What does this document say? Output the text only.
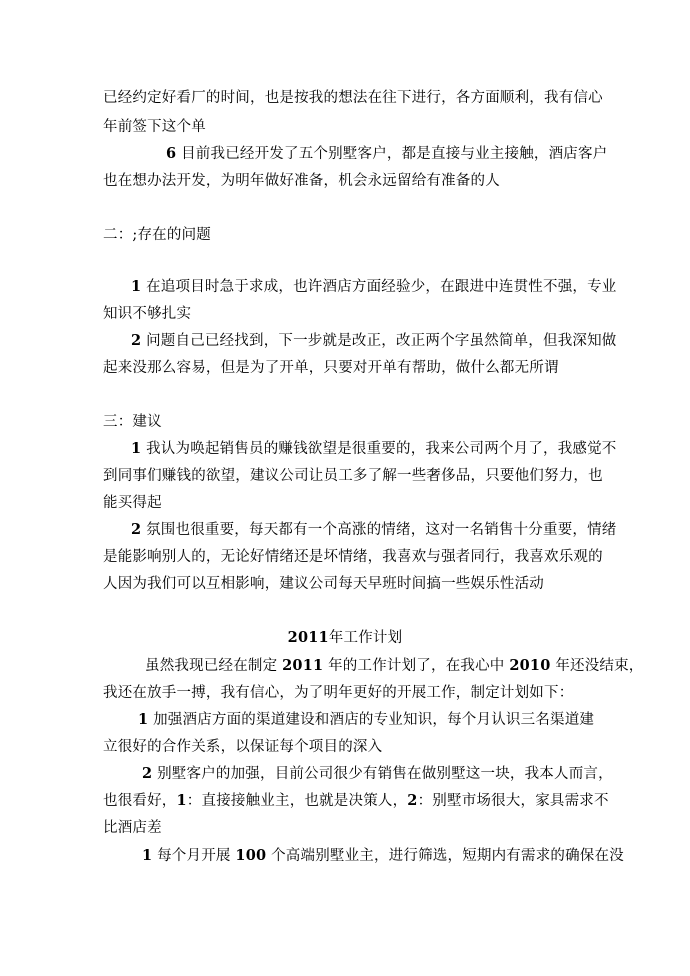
已经约定好看厂的时间，也是按我的想法在往下进行，各方面顺利，我有信心
年前签下这个单
6 目前我已经开发了五个别墅客户，都是直接与业主接触，酒店客户
也在想办法开发，为明年做好准备，机会永远留给有准备的人
二：;存在的问题
1 在追项目时急于求成，也许酒店方面经验少，在跟进中连贯性不强，专业
知识不够扎实
2 问题自己已经找到，下一步就是改正，改正两个字虽然简单，但我深知做
起来没那么容易，但是为了开单，只要对开单有帮助，做什么都无所谓
三：建议
1 我认为唤起销售员的赚钱欲望是很重要的，我来公司两个月了，我感觉不
到同事们赚钱的欲望，建议公司让员工多了解一些奢侈品，只要他们努力，也
能买得起
2 氛围也很重要，每天都有一个高涨的情绪，这对一名销售十分重要，情绪
是能影响别人的，无论好情绪还是坏情绪，我喜欢与强者同行，我喜欢乐观的
人因为我们可以互相影响，建议公司每天早班时间搞一些娱乐性活动
2011年工作计划
虽然我现已经在制定 2011 年的工作计划了，在我心中 2010 年还没结束，
我还在放手一搏，我有信心，为了明年更好的开展工作，制定计划如下：
1 加强酒店方面的渠道建设和酒店的专业知识，每个月认识三名渠道建
立很好的合作关系，以保证每个项目的深入
2 别墅客户的加强，目前公司很少有销售在做别墅这一块，我本人而言，
也很看好，1：直接接触业主，也就是决策人，2：别墅市场很大，家具需求不
比酒店差
1 每个月开展 100 个高端别墅业主，进行筛选，短期内有需求的确保在没
